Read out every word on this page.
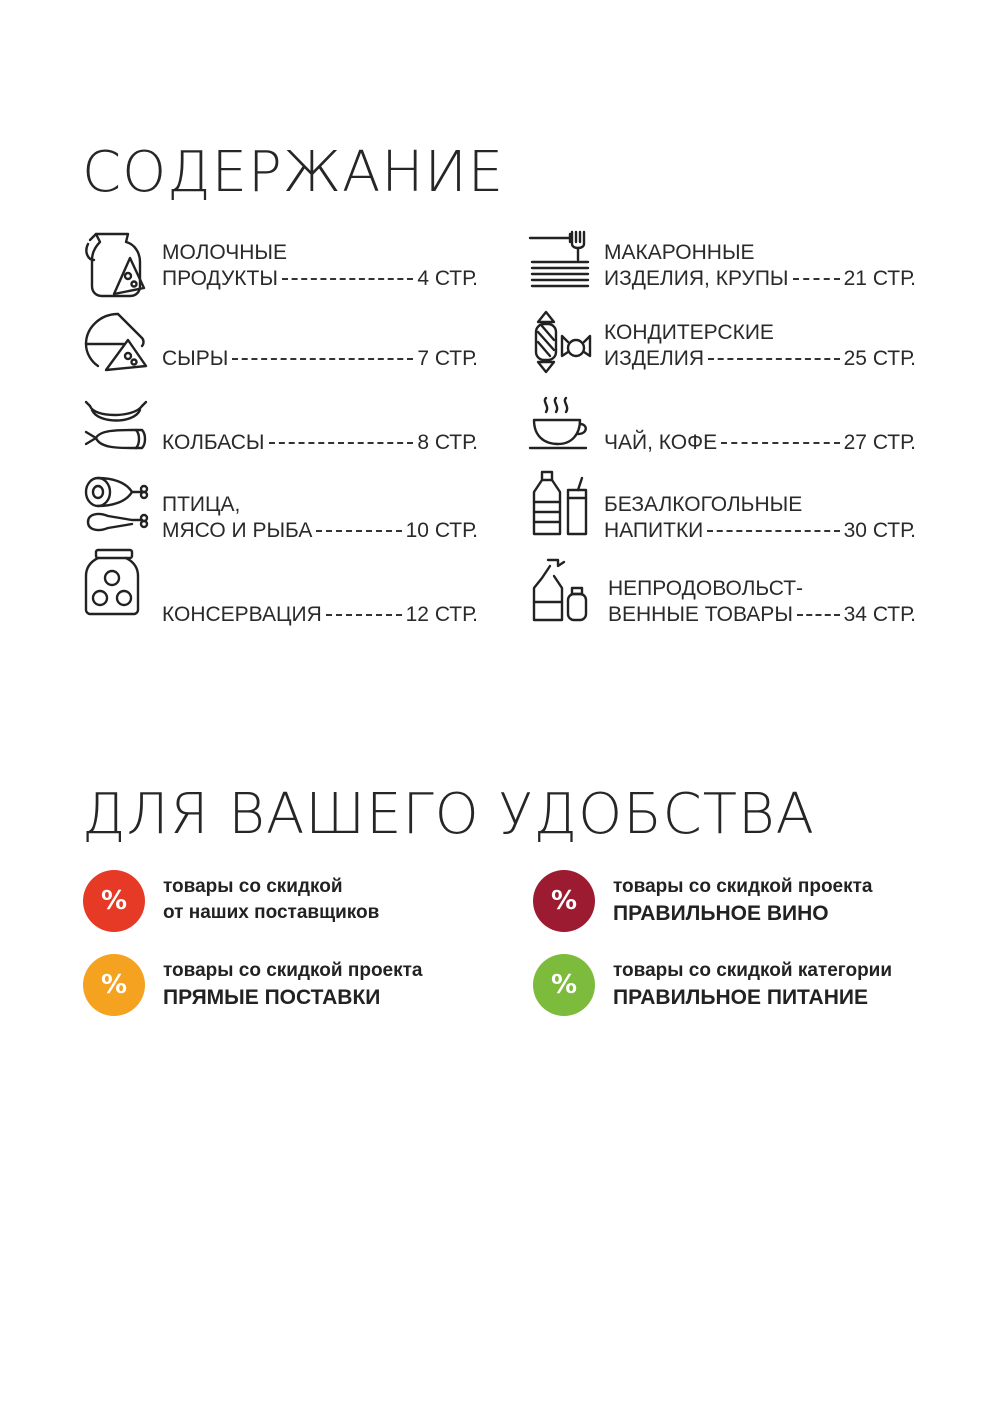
СОДЕРЖАНИЕ
МОЛОЧНЫЕ
ПРОДУКТЫ	4 СТР.
МАКАРОННЫЕ
ИЗДЕЛИЯ, КРУПЫ	21 СТР.

СЫРЫ	7 СТР.
КОНДИТЕРСКИЕ
ИЗДЕЛИЯ	25 СТР.

КОЛБАСЫ	8 СТР.
	ЧАЙ, КОФЕ	27 СТР.
ПТИЦА,
МЯСО И РЫБА	10 СТР.
БЕЗАЛКОГОЛЬНЫЕ
НАПИТКИ	30 СТР.

КОНСЕРВАЦИЯ	12 СТР.
НЕПРОДОВОЛЬСТ-
ВЕННЫЕ ТОВАРЫ 34 СТР.
ДЛЯ ВАШЕГО УДОБСТВА
%	товары со скидкой
от наших поставщиков	%	товары со скидкой проекта
ПРАВИЛЬНОЕ ВИНО
%	товары со скидкой проекта
ПРЯМЫЕ ПОСТАВКИ	%	товары со скидкой категории
ПРАВИЛЬНОЕ ПИТАНИЕ
